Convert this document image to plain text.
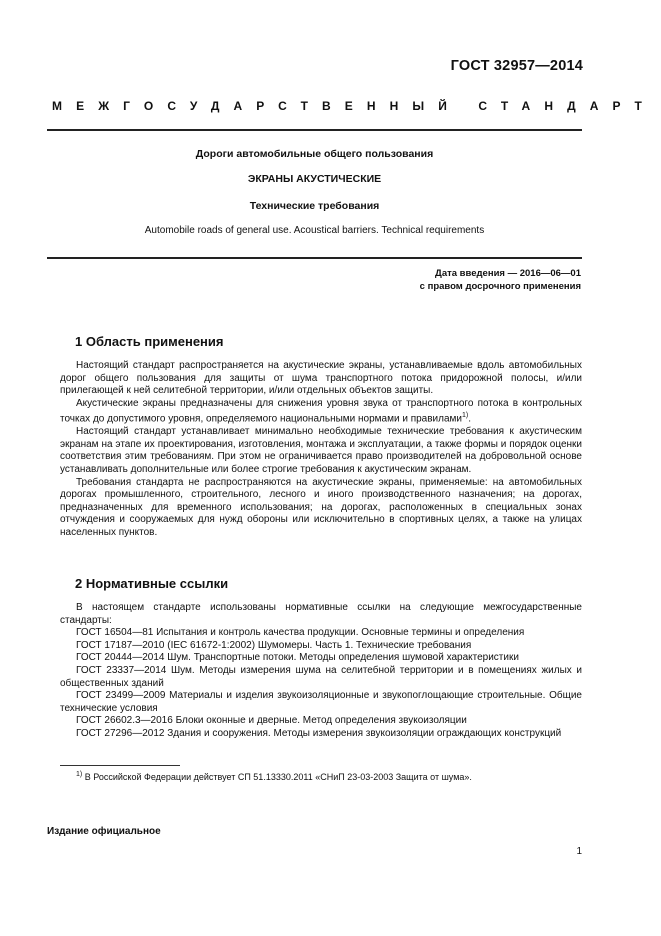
ГОСТ 32957—2014
МЕЖГОСУДАРСТВЕННЫЙ СТАНДАРТ
Дороги автомобильные общего пользования
ЭКРАНЫ АКУСТИЧЕСКИЕ
Технические требования
Automobile roads of general use. Acoustical barriers. Technical requirements
Дата введения — 2016—06—01
с правом досрочного применения
1 Область применения

Настоящий стандарт распространяется на акустические экраны, устанавливаемые вдоль автомобильных дорог общего пользования для защиты от шума транспортного потока придорожной полосы, и/или прилегающей к ней селитебной территории, и/или отдельных объектов защиты.

Акустические экраны предназначены для снижения уровня звука от транспортного потока в контрольных точках до допустимого уровня, определяемого национальными нормами и правилами$^{1)}$.

Настоящий стандарт устанавливает минимально необходимые технические требования к акустическим экранам на этапе их проектирования, изготовления, монтажа и эксплуатации, а также формы и порядок оценки соответствия этим требованиям. При этом не ограничивается право производителей на добровольной основе устанавливать дополнительные или более строгие требования к акустическим экранам.

Требования стандарта не распространяются на акустические экраны, применяемые: на автомобильных дорогах промышленного, строительного, лесного и иного производственного назначения; на дорогах, предназначенных для временного использования; на дорогах, расположенных в специальных зонах отчуждения и сооружаемых для нужд обороны или исключительно в спортивных целях, а также на улицах населенных пунктов.

2 Нормативные ссылки
В настоящем стандарте использованы нормативные ссылки на следующие межгосударственные стандарты:
ГОСТ 16504—81 Испытания и контроль качества продукции. Основные термины и определения
ГОСТ 17187—2010 (IEC 61672-1:2002) Шумомеры. Часть 1. Технические требования
ГОСТ 20444—2014 Шум. Транспортные потоки. Методы определения шумовой характеристики
ГОСТ 23337—2014 Шум. Методы измерения шума на селитебной территории и в помещениях жилых и общественных зданий
ГОСТ 23499—2009 Материалы и изделия звукоизоляционные и звукопоглощающие строительные. Общие технические условия
ГОСТ 26602.3—2016 Блоки оконные и дверные. Метод определения звукоизоляции
ГОСТ 27296—2012 Здания и сооружения. Методы измерения звукоизоляции ограждающих конструкций
$^{1)}$ В Российской Федерации действует СП 51.13330.2011 «СНиП 23-03-2003 Защита от шума».
Издание официальное
1
